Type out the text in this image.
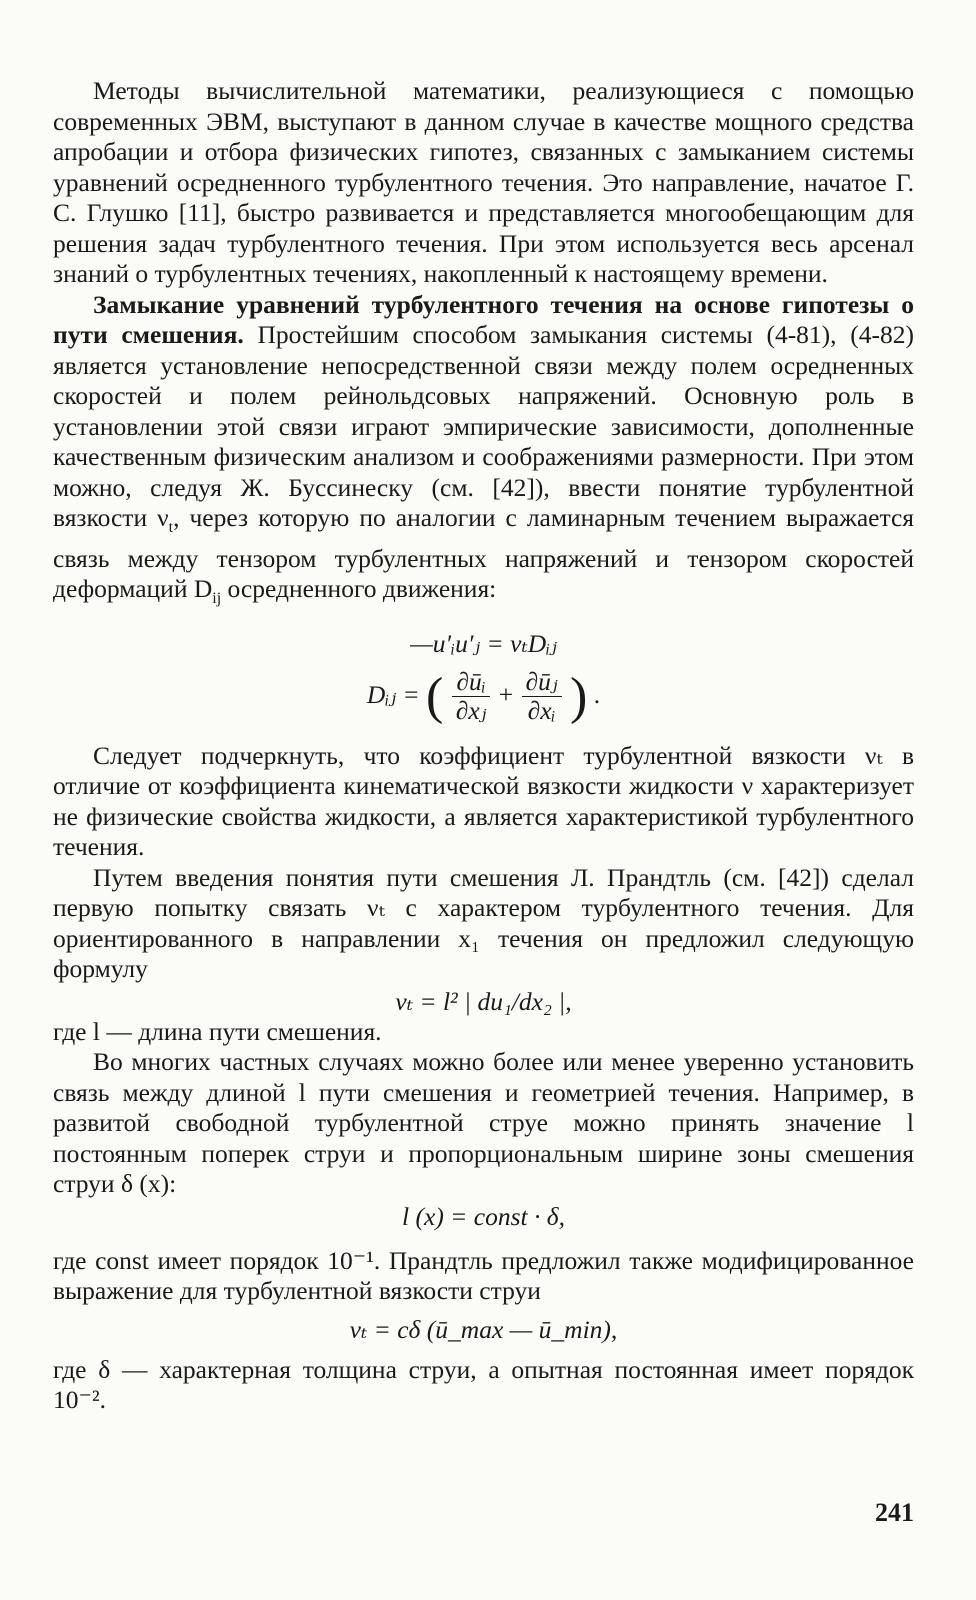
Методы вычислительной математики, реализующиеся с помощью современных ЭВМ, выступают в данном случае в качестве мощного средства апробации и отбора физических гипотез, связанных с замыканием системы уравнений осредненного турбулентного течения. Это направление, начатое Г. С. Глушко [11], быстро развивается и представляется многообещающим для решения задач турбулентного течения. При этом используется весь арсенал знаний о турбулентных течениях, накопленный к настоящему времени.

Замыкание уравнений турбулентного течения на основе гипотезы о пути смешения. Простейшим способом замыкания системы (4-81), (4-82) является установление непосредственной связи между полем осредненных скоростей и полем рейнольдсовых напряжений. Основную роль в установлении этой связи играют эмпирические зависимости, дополненные качественным физическим анализом и соображениями размерности. При этом можно, следуя Ж. Буссинеску (см. [42]), ввести понятие турбулентной вязкости $\nu_t$, через которую по аналогии с ламинарным течением выражается связь между тензором турбулентных напряжений и тензором скоростей деформаций $D_{ij}$ осредненного движения:

—u′ᵢu′ⱼ = νₜDᵢⱼ
Dᵢⱼ = ( $\frac{\text{∂ūᵢ}}{\text{∂xⱼ}} + \frac{\text{∂ūⱼ}}{\text{∂xᵢ}}$ ) .

Следует подчеркнуть, что коэффициент турбулентной вязкости νₜ в отличие от коэффициента кинематической вязкости жидкости ν характеризует не физические свойства жидкости, а является характеристикой турбулентного течения.

Путем введения понятия пути смешения Л. Прандтль (см. [42]) сделал первую попытку связать νₜ с характером турбулентного течения. Для ориентированного в направлении x₁ течения он предложил следующую формулу

νₜ = l² | du₁/dx₂ |,

где l — длина пути смешения.

Во многих частных случаях можно более или менее уверенно установить связь между длиной l пути смешения и геометрией течения. Например, в развитой свободной турбулентной струе можно принять значение l постоянным поперек струи и пропорциональным ширине зоны смешения струи δ (x):

l (x) = const · δ,

где const имеет порядок 10⁻¹. Прандтль предложил также модифицированное выражение для турбулентной вязкости струи

νₜ = cδ (ū_max — ū_min),

где δ — характерная толщина струи, а опытная постоянная имеет порядок 10⁻².

241
